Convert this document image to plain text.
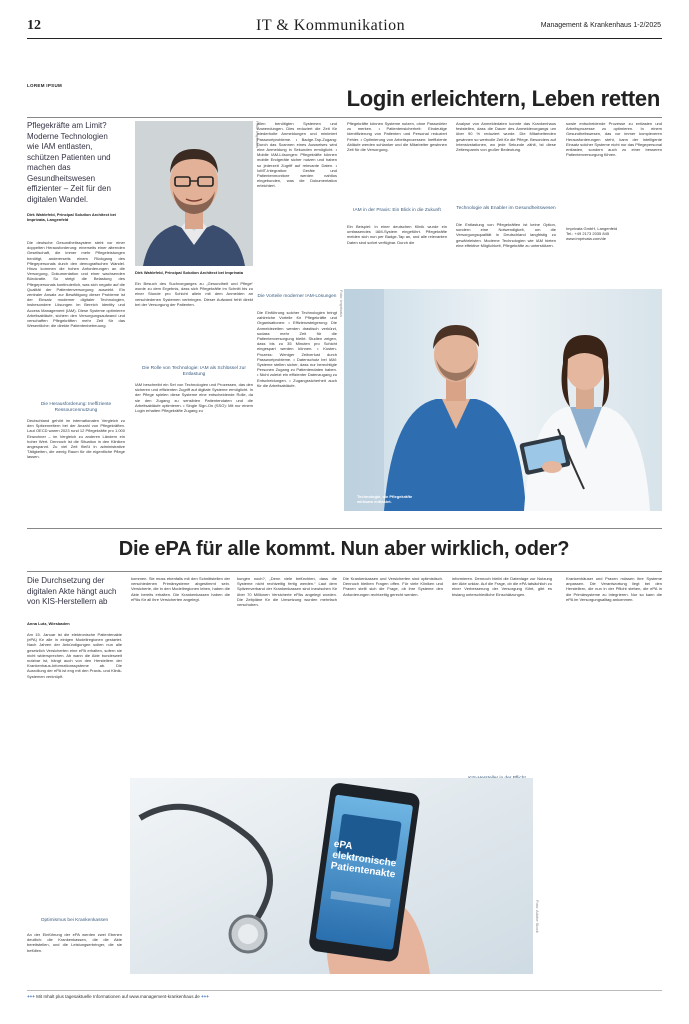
12	IT & Kommunikation	Management & Krankenhaus 1-2/2025
LOREM IPSUM
Login erleichtern, Leben retten
Pflegekräfte am Limit? Moderne Technologien wie IAM entlasten, schützen Patienten und machen das Gesundheitswesen effizienter – Zeit für den digitalen Wandel.
Foto: Imprivata
Dirk Wahlefeld, Principal Solution Architect bei Imprivata, Langenfeld
Dirk Wahlefeld, Principal Solution Architect bei Imprivata
Die deutsche Gesundheitssystem steht vor einer doppelten Herausforderung: einerseits einer alternden Gesellschaft, die immer mehr Pflegeleistungen benötigt, andererseits einem Rückgang des Pflegepersonals durch den demografischen Wandel. Hinzu kommen die hohen Anforderungen an die Versorgung, Dokumentation und einer wachsenden Bürokratie. So steigt die Belastung des Pflegepersonals kontinuierlich, was sich negativ auf die Qualität der Patientenversorgung auswirkt. Ein zentraler Ansatz zur Bewältigung dieser Probleme ist der Einsatz moderner digitaler Technologien, insbesondere Lösungen im Bereich Identity und Access Management (IAM). Diese Systeme optimieren Arbeitsabläufe, sichern den Versorgungsaufwand und verschaffen Pflegekräften mehr Zeit für das Wesentliche: die direkte Patientenbetreuung.
Die Herausforderung: Ineffiziente Ressourcennutzung
Deutschland gehört im internationalen Vergleich zu den Spitzenreitern bei der Anzahl von Pflegekräften. Laut OECD waren 2023 rund 12 Pflegekräfte pro 1.000 Einwohner – im Vergleich zu anderen Ländern ein hoher Wert. Dennoch ist die Situation in den Kliniken angespannt. Zu viel Zeit fließt in administrative Tätigkeiten, die wenig Raum für die eigentliche Pflege lassen.
Ein Besuch des Suchvorganges zu „Gesundheit und Pflege“ wurde zu dem Ergebnis, dass sich Pflegekräfte im Schnitt bis zu einer Stunde pro Schicht allein mit dem Anmelden an verschiedenen Systemen verbringen. Dieser Aufwand fehlt direkt bei der Versorgung der Patienten.
Die Rolle von Technologie: IAM als Schlüssel zur Entlastung
IAM beschreibt ein Set von Technologien und Prozessen, das den sicheren und effizienten Zugriff auf digitale Systeme ermöglicht. In der Pflege spielen diese Systeme eine entscheidende Rolle, da sie den Zugang zu sensiblen Patientendaten und die Arbeitsabläufe optimieren. • Single Sign-On (SSO): Mit nur einem Login erhalten Pflegekräfte Zugang zu
allen benötigten Systemen und Anwendungen. Dies reduziert die Zeit für wiederholte Anmeldungen und minimiert Passwortprobleme. • Badge-Tap-Zugang: Durch das Scannen eines Ausweises wird eine Anmeldung in Sekunden ermöglicht. • Mobile IAM-Lösungen: Pflegekräfte können mobile Endgeräte sicher nutzen und haben so jederzeit Zugriff auf relevante Daten. • IoMT-Integration: Geräte und Patientenmonitore werden nahtlos eingebunden, was die Dokumentation erleichtert.
Die Vorteile moderner IAM-Lösungen
Die Einführung solcher Technologien bringt zahlreiche Vorteile für Pflegekräfte und Organisationen: • Effizienzsteigerung: Die Anmeldezeiten werden drastisch verkürzt, sodass mehr Zeit für die Patientenversorgung bleibt. Studien zeigen, dass bis zu 35 Minuten pro Schicht eingespart werden können. • Kosten-Prozess: Weniger Zeitverlust durch Passwortprobleme. • Datenschutz bei IAM: Systeme stellen sicher, dass nur berechtigte Personen Zugang zu Patientendaten haben. • Nicht zuletzt ein effizienter Datenzugang zu Entscheidungen. • Zugangssicherheit auch für die Arbeitsabläufe.
Pflegekräfte können Systeme nutzen, ohne Passwörter zu merken. • Patientensicherheit: Eindeutige Identifizierung von Patienten und Personal reduziert Fehler. • Optimierung von Arbeitsprozessen: Ineffiziente Abläufe werden schlanker und die Mitarbeiter gewinnen Zeit für die Versorgung.
IAM in der Praxis: Ein Blick in die Zukunft
Ein Beispiel: In einer deutschen Klinik wurde ein umfassendes IAM-System eingeführt. Pflegekräfte melden sich nun per Badge-Tap an, und alle relevanten Daten sind sofort verfügbar. Durch die
Analyse von Anmeldedaten konnte das Krankenhaus feststellen, dass die Dauer des Anmeldevorgangs um über 90 % reduziert wurde. Die Mitarbeitenden gewinnen so wertvolle Zeit für die Pflege. Besonders auf Intensivstationen, wo jede Sekunde zählt, ist diese Zeitersparnis von großer Bedeutung.
Technologie als Enabler im Gesundheitswesen
Die Entlastung von Pflegekräften ist keine Option, sondern eine Notwendigkeit, um die Versorgungsqualität in Deutschland langfristig zu gewährleisten. Moderne Technologien wie IAM bieten eine effektive Möglichkeit, Pflegekräfte zu unterstützen.
sowie entscheidende Prozesse zu entlasten und Arbeitsprozesse zu optimieren. In einem Gesundheitswesen, das vor immer komplexeren Herausforderungen steht, kann der intelligente Einsatz solcher Systeme nicht nur das Pflegepersonal entlasten, sondern auch zu einer besseren Patientenversorgung führen.
Imprivata GmbH, Langenfeld
Tel.: +49 2173 2035 845
www.imprivata.com/de
Foto: Imprivata
Technologie, die Pflegekräfte wirksam entlastet.
Die ePA für alle kommt. Nun aber wirklich, oder?
Die Durchsetzung der digitalen Akte hängt auch von KIS-Herstellern ab
Anna Lutz, Wiesbaden
Am 15. Januar ist die elektronische Patientenakte (ePA) für alle in einigen Modellregionen gestartet. Nach Jahren der Ankündigungen sollen nun alle gesetzlich Versicherten eine ePA erhalten, sofern sie nicht widersprechen. Ab wann die Akte bundesweit nutzbar ist, hängt auch von den Herstellern der Krankenhaus-Informationssysteme ab. Die Ausrollung der ePA ist eng mit den Praxis- und Klinik-Systemen verknüpft.
Optimismus bei Krankenkassen
An der Einführung der ePA werden zwei Ebenen deutlich: die Krankenkassen, die die Akte bereitstellen, und die Leistungserbringer, die sie befüllen.
kommen. Sie muss ebenfalls mit den Schnittstellen der verschiedenen Primärsysteme abgestimmt sein. Versicherte, die in den Modellregionen leben, haben die Akte bereits erhalten. Die Krankenkassen haben die ePAs für all ihre Versicherten angelegt.
kungen noch?, „Denn viele befürchten, dass die Systeme nicht rechtzeitig fertig werden.“ Laut dem Spitzenverband der Krankenkassen sind inzwischen für über 70 Millionen Versicherte ePAs angelegt worden. Die Zeitpläne für die Umsetzung wurden mehrfach verschoben.
Die Krankenkassen und Versicherten sind optimistisch. Dennoch bleiben Fragen offen. Für viele Kliniken und Praxen stellt sich die Frage, ob ihre Systeme den Anforderungen rechtzeitig gerecht werden.
informieren. Dennoch bleibt die Datenlage zur Nutzung der Akte unklar. Auf die Frage, ob die ePA tatsächlich zu einer Verbesserung der Versorgung führt, gibt es bislang unterschiedliche Einschätzungen.
Krankenhäuser und Praxen müssen ihre Systeme anpassen. Die Verantwortung liegt bei den Herstellern, die nun in der Pflicht stehen, die ePA in die Primärsysteme zu integrieren. Nur so kann die ePA im Versorgungsalltag ankommen.
ePA elektronische Patientenakte
Foto: Adobe Stock
+++ Mit Inhalt plus tagesaktuelle Informationen auf www.management-krankenhaus.de +++
